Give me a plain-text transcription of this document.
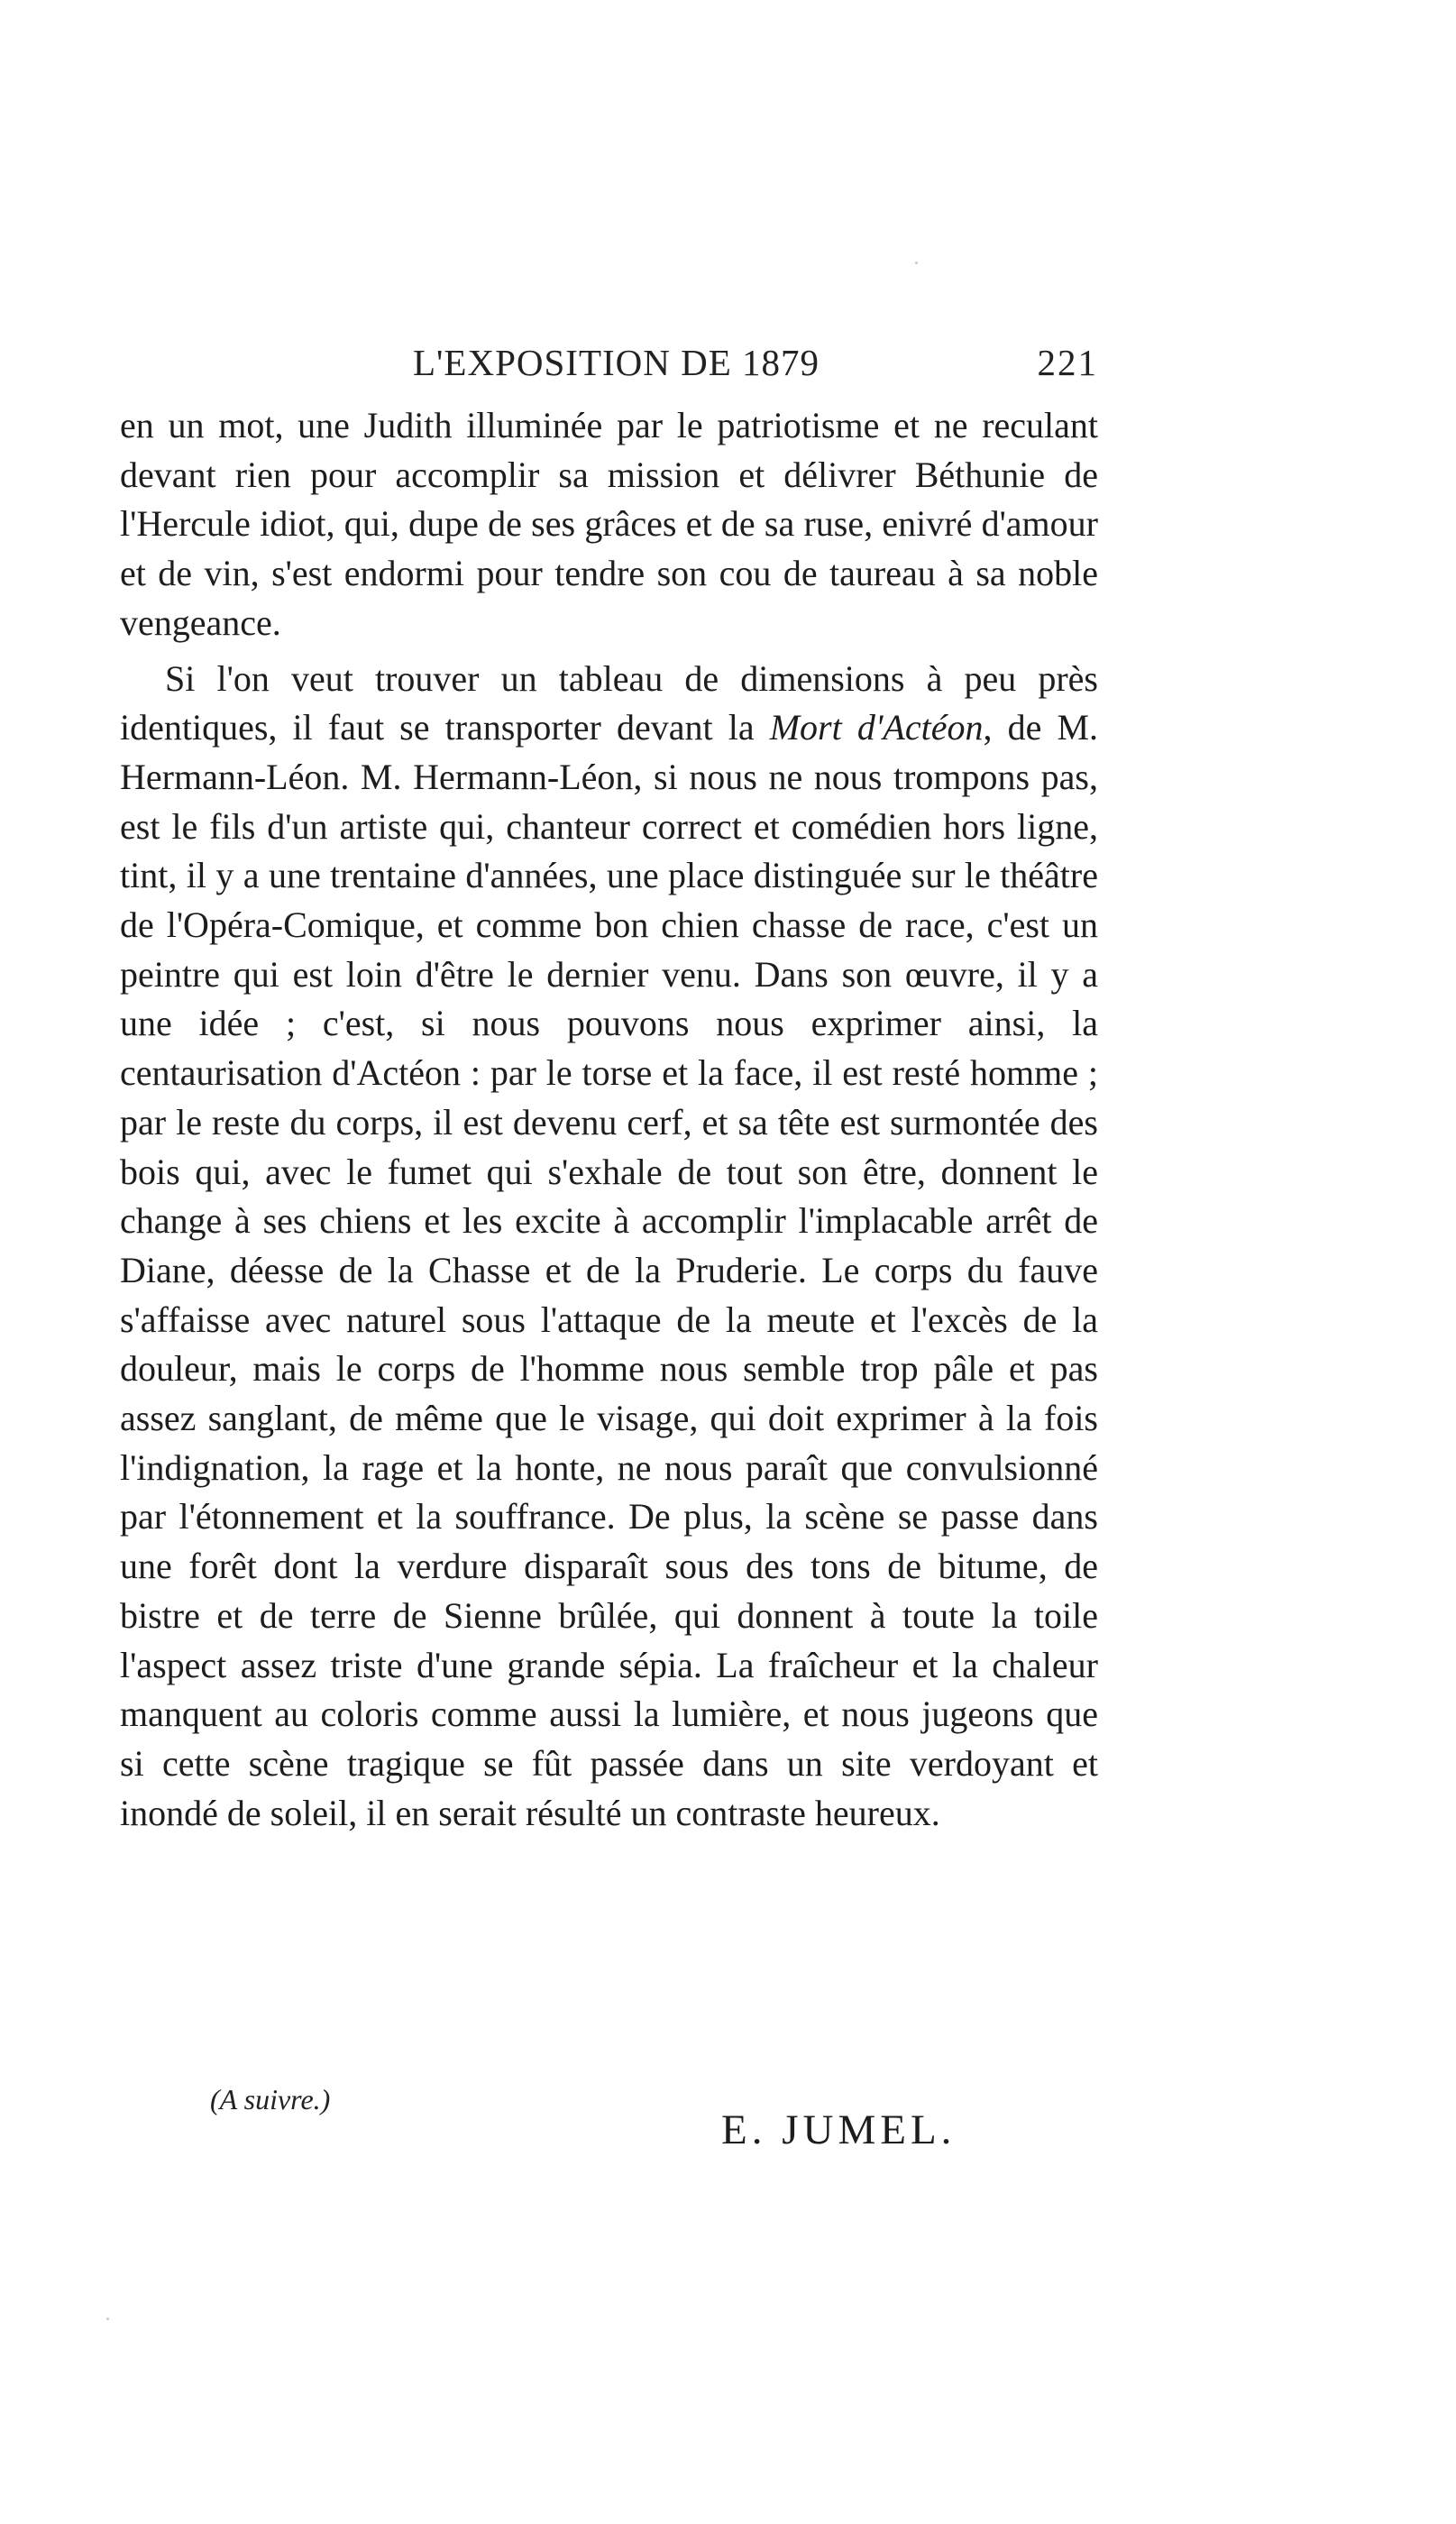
L'EXPOSITION DE 1879	221

en un mot, une Judith illuminée par le patriotisme et ne reculant devant rien pour accomplir sa mission et délivrer Béthunie de l'Hercule idiot, qui, dupe de ses grâces et de sa ruse, enivré d'amour et de vin, s'est endormi pour tendre son cou de taureau à sa noble vengeance.

Si l'on veut trouver un tableau de dimensions à peu près identiques, il faut se transporter devant la Mort d'Actéon, de M. Hermann-Léon. M. Hermann-Léon, si nous ne nous trompons pas, est le fils d'un artiste qui, chanteur correct et comédien hors ligne, tint, il y a une trentaine d'années, une place distinguée sur le théâtre de l'Opéra-Comique, et comme bon chien chasse de race, c'est un peintre qui est loin d'être le dernier venu. Dans son œuvre, il y a une idée ; c'est, si nous pouvons nous exprimer ainsi, la centaurisation d'Actéon : par le torse et la face, il est resté homme ; par le reste du corps, il est devenu cerf, et sa tête est surmontée des bois qui, avec le fumet qui s'exhale de tout son être, donnent le change à ses chiens et les excite à accomplir l'implacable arrêt de Diane, déesse de la Chasse et de la Pruderie. Le corps du fauve s'affaisse avec naturel sous l'attaque de la meute et l'excès de la douleur, mais le corps de l'homme nous semble trop pâle et pas assez sanglant, de même que le visage, qui doit exprimer à la fois l'indignation, la rage et la honte, ne nous paraît que convulsionné par l'étonnement et la souffrance. De plus, la scène se passe dans une forêt dont la verdure disparaît sous des tons de bitume, de bistre et de terre de Sienne brûlée, qui donnent à toute la toile l'aspect assez triste d'une grande sépia. La fraîcheur et la chaleur manquent au coloris comme aussi la lumière, et nous jugeons que si cette scène tragique se fût passée dans un site verdoyant et inondé de soleil, il en serait résulté un contraste heureux.

(A suivre.)
E. JUMEL.
